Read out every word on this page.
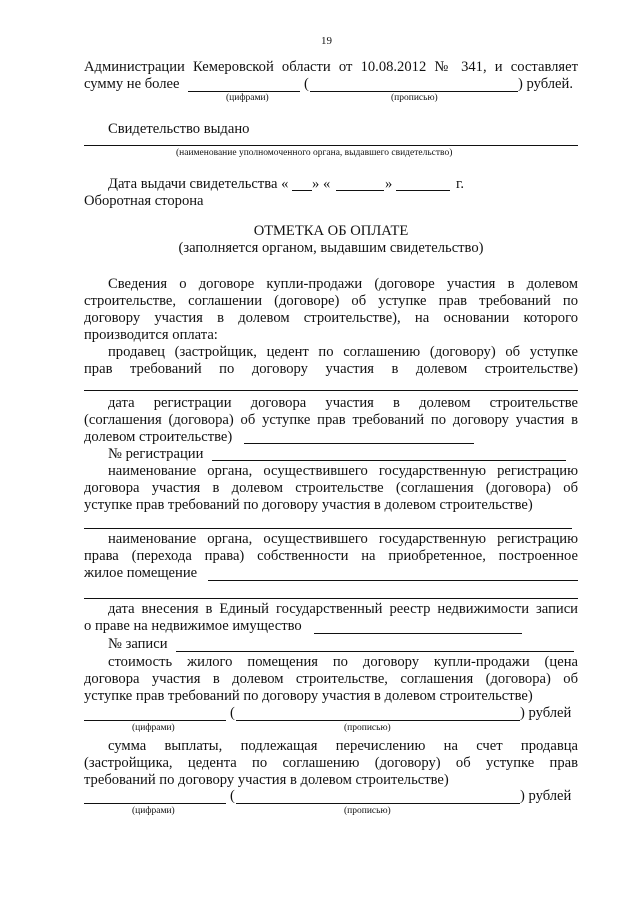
19
Администрации Кемеровской области от 10.08.2012 № 341, и составляет
сумму не более	(	) рублей.
(цифрами)	(прописью)
Свидетельство выдано
(наименование уполномоченного органа, выдавшего свидетельство)
Дата выдачи свидетельства « » «	»	г.
Оборотная сторона
ОТМЕТКА ОБ ОПЛАТЕ
(заполняется органом, выдавшим свидетельство)
Сведения о договоре купли-продажи (договоре участия в долевом
строительстве, соглашении (договоре) об уступке прав требований по
договору участия в долевом строительстве), на основании которого
производится оплата:
продавец (застройщик, цедент по соглашению (договору) об уступке
прав требований по договору участия в долевом строительстве)
дата регистрации договора участия в долевом строительстве
(соглашения (договора) об уступке прав требований по договору участия в
долевом строительстве)
№ регистрации
наименование органа, осуществившего государственную регистрацию
договора участия в долевом строительстве (соглашения (договора) об
уступке прав требований по договору участия в долевом строительстве)
наименование органа, осуществившего государственную регистрацию
права (перехода права) собственности на приобретенное, построенное
жилое помещение
дата внесения в Единый государственный реестр недвижимости записи
о праве на недвижимое имущество
№ записи
стоимость жилого помещения по договору купли-продажи (цена
договора участия в долевом строительстве, соглашения (договора) об
уступке прав требований по договору участия в долевом строительстве)
(	) рублей
(цифрами)	(прописью)
сумма выплаты, подлежащая перечислению на счет продавца
(застройщика, цедента по соглашению (договору) об уступке прав
требований по договору участия в долевом строительстве)
(	) рублей
(цифрами)	(прописью)
